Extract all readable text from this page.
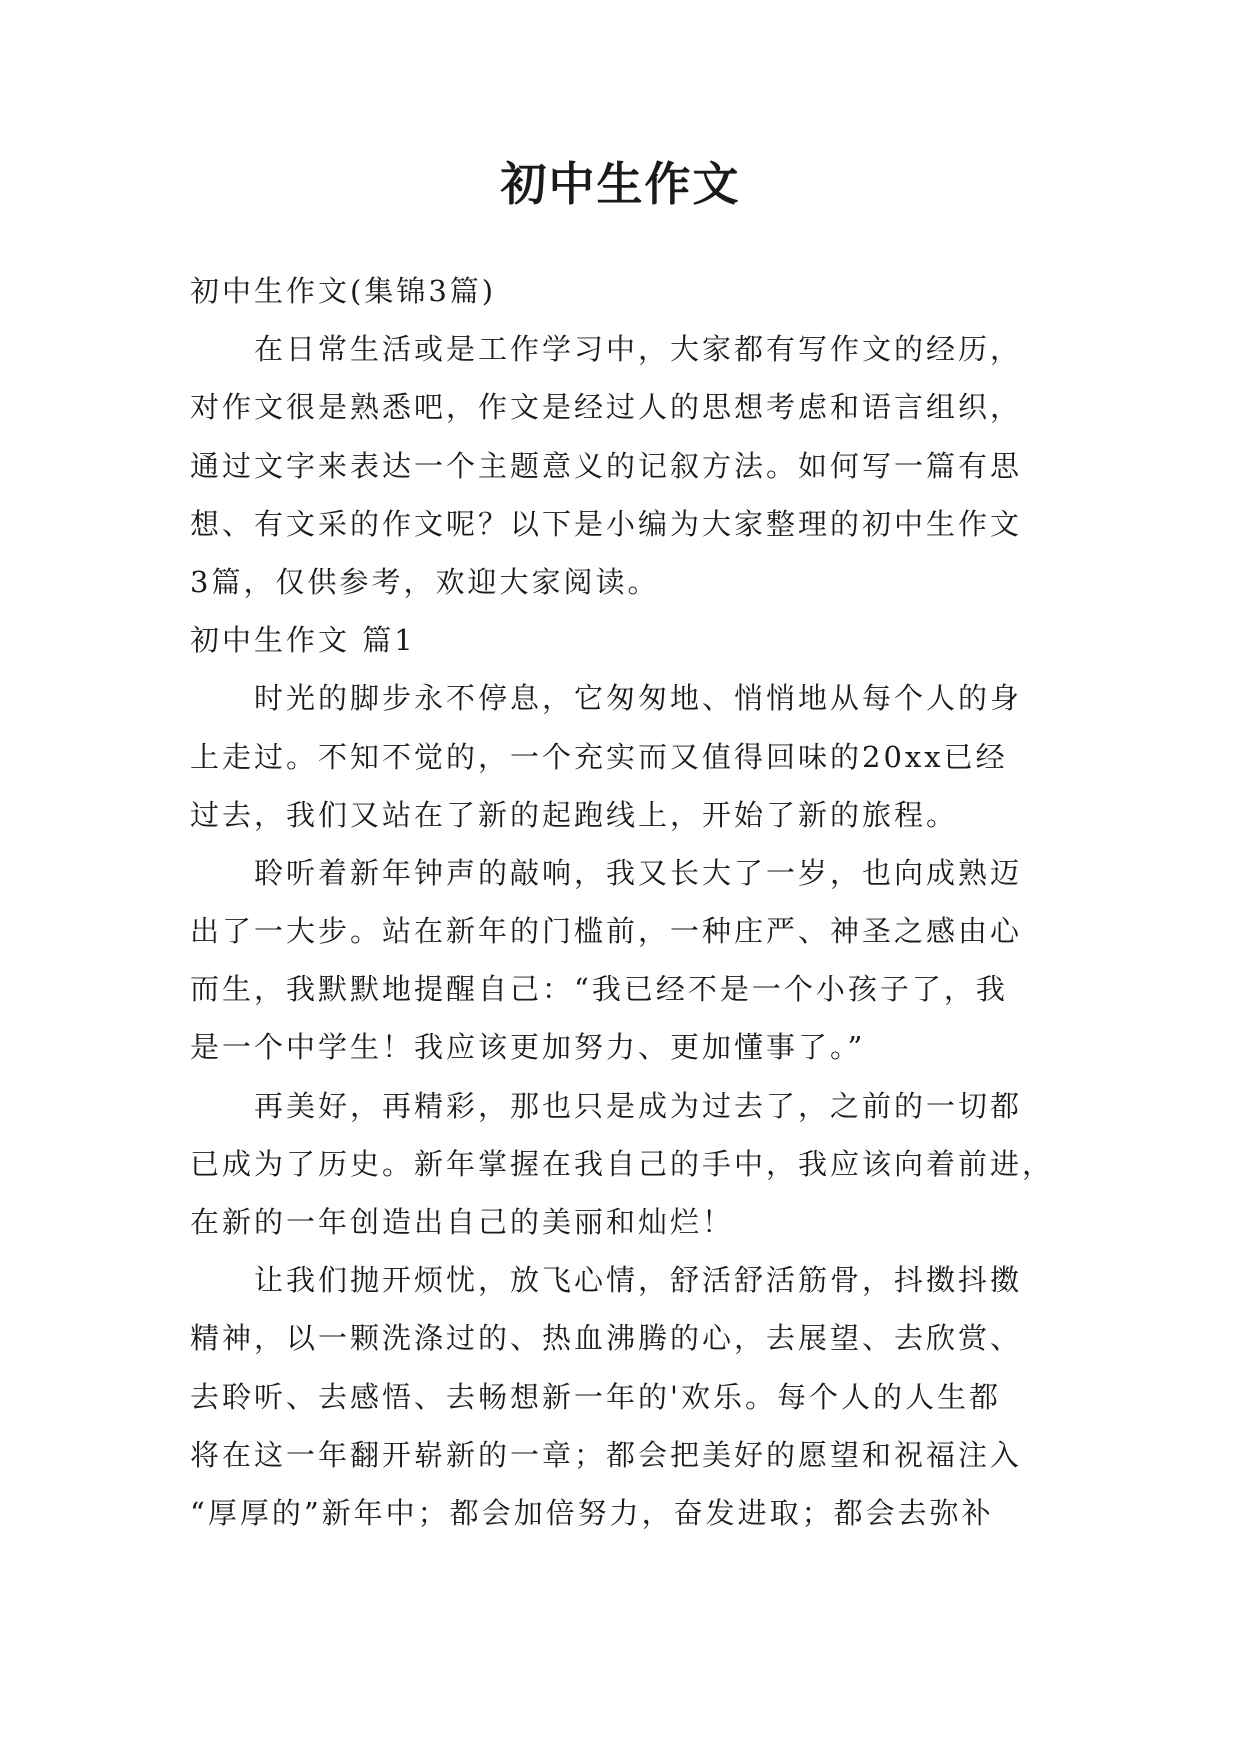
初中生作文
初中生作文(集锦3篇)
在日常生活或是工作学习中，大家都有写作文的经历，
对作文很是熟悉吧，作文是经过人的思想考虑和语言组织，
通过文字来表达一个主题意义的记叙方法。如何写一篇有思
想、有文采的作文呢？以下是小编为大家整理的初中生作文
3篇，仅供参考，欢迎大家阅读。
初中生作文 篇1
时光的脚步永不停息，它匆匆地、悄悄地从每个人的身
上走过。不知不觉的，一个充实而又值得回味的20xx已经
过去，我们又站在了新的起跑线上，开始了新的旅程。
聆听着新年钟声的敲响，我又长大了一岁，也向成熟迈
出了一大步。站在新年的门槛前，一种庄严、神圣之感由心
而生，我默默地提醒自己：“我已经不是一个小孩子了，我
是一个中学生！我应该更加努力、更加懂事了。”
再美好，再精彩，那也只是成为过去了，之前的一切都
已成为了历史。新年掌握在我自己的手中，我应该向着前进，
在新的一年创造出自己的美丽和灿烂！
让我们抛开烦忧，放飞心情，舒活舒活筋骨，抖擞抖擞
精神，以一颗洗涤过的、热血沸腾的心，去展望、去欣赏、
去聆听、去感悟、去畅想新一年的'欢乐。每个人的人生都
将在这一年翻开崭新的一章；都会把美好的愿望和祝福注入
“厚厚的”新年中；都会加倍努力，奋发进取；都会去弥补
